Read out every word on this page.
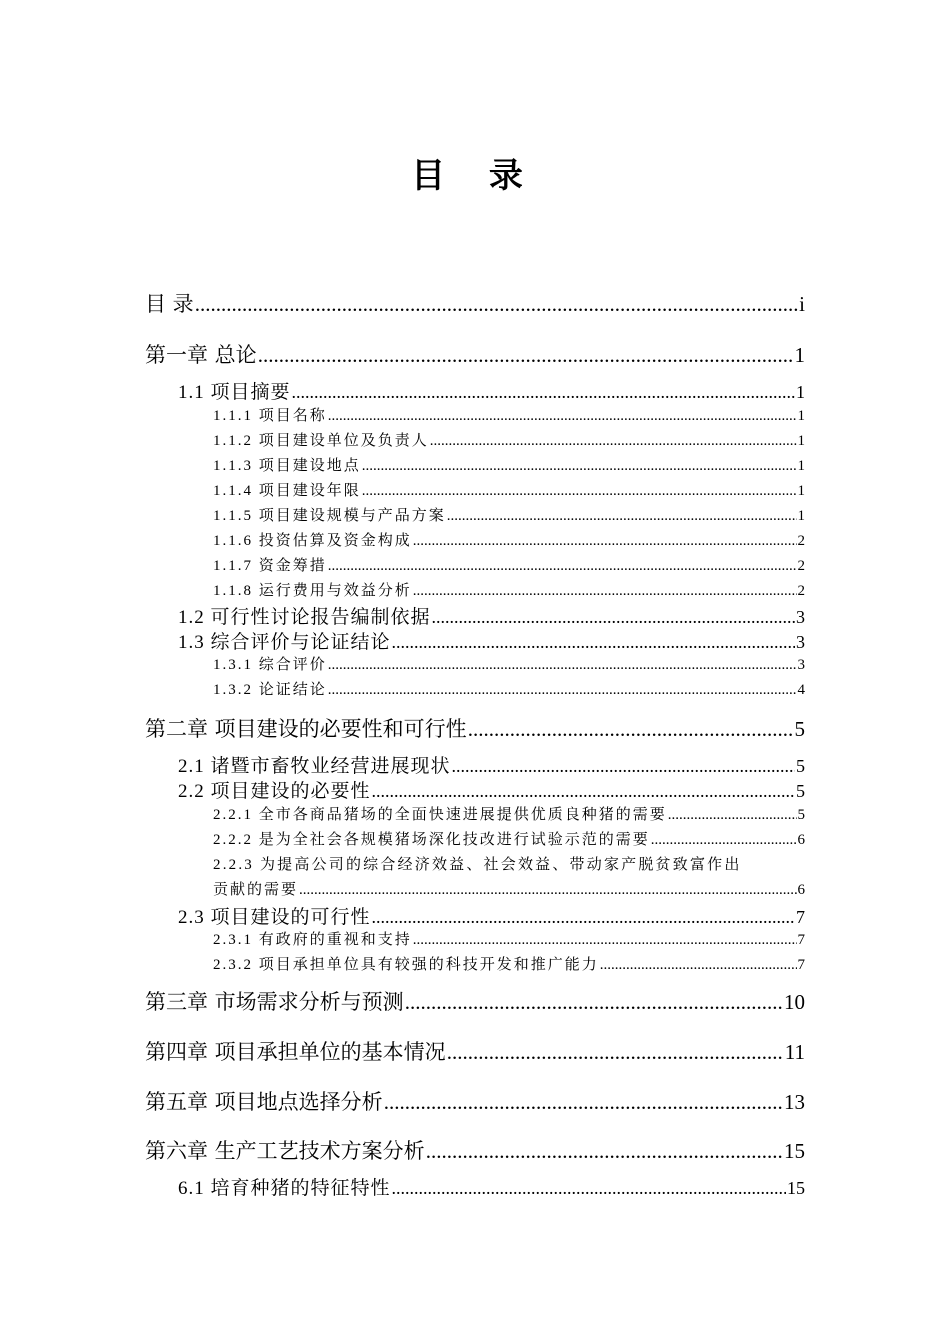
目 录
目 录 .....	i
第一章 总论 .....	1
1.1 项目摘要 .....	1
1.1.1 项目名称 .....	1
1.1.2 项目建设单位及负责人 .....	1
1.1.3 项目建设地点 .....	1
1.1.4 项目建设年限 .....	1
1.1.5 项目建设规模与产品方案 .....	1
1.1.6 投资估算及资金构成 .....	2
1.1.7 资金筹措 .....	2
1.1.8 运行费用与效益分析 .....	2
1.2 可行性讨论报告编制依据 .....	3
1.3 综合评价与论证结论 .....	3
1.3.1 综合评价 .....	3
1.3.2 论证结论 .....	4
第二章 项目建设的必要性和可行性 .....	5
2.1 诸暨市畜牧业经营进展现状 .....	5
2.2 项目建设的必要性 .....	5
2.2.1 全市各商品猪场的全面快速进展提供优质良种猪的需要 .....	5
2.2.2 是为全社会各规模猪场深化技改进行试验示范的需要 .....	6
2.2.3 为提高公司的综合经济效益、社会效益、带动家产脱贫致富作出
贡献的需要 .....	6
2.3 项目建设的可行性 .....	7
2.3.1 有政府的重视和支持 .....	7
2.3.2 项目承担单位具有较强的科技开发和推广能力 .....	7
第三章 市场需求分析与预测 .....	10
第四章 项目承担单位的基本情况 .....	11
第五章 项目地点选择分析 .....	13
第六章 生产工艺技术方案分析 .....	15
6.1 培育种猪的特征特性 .....	15
